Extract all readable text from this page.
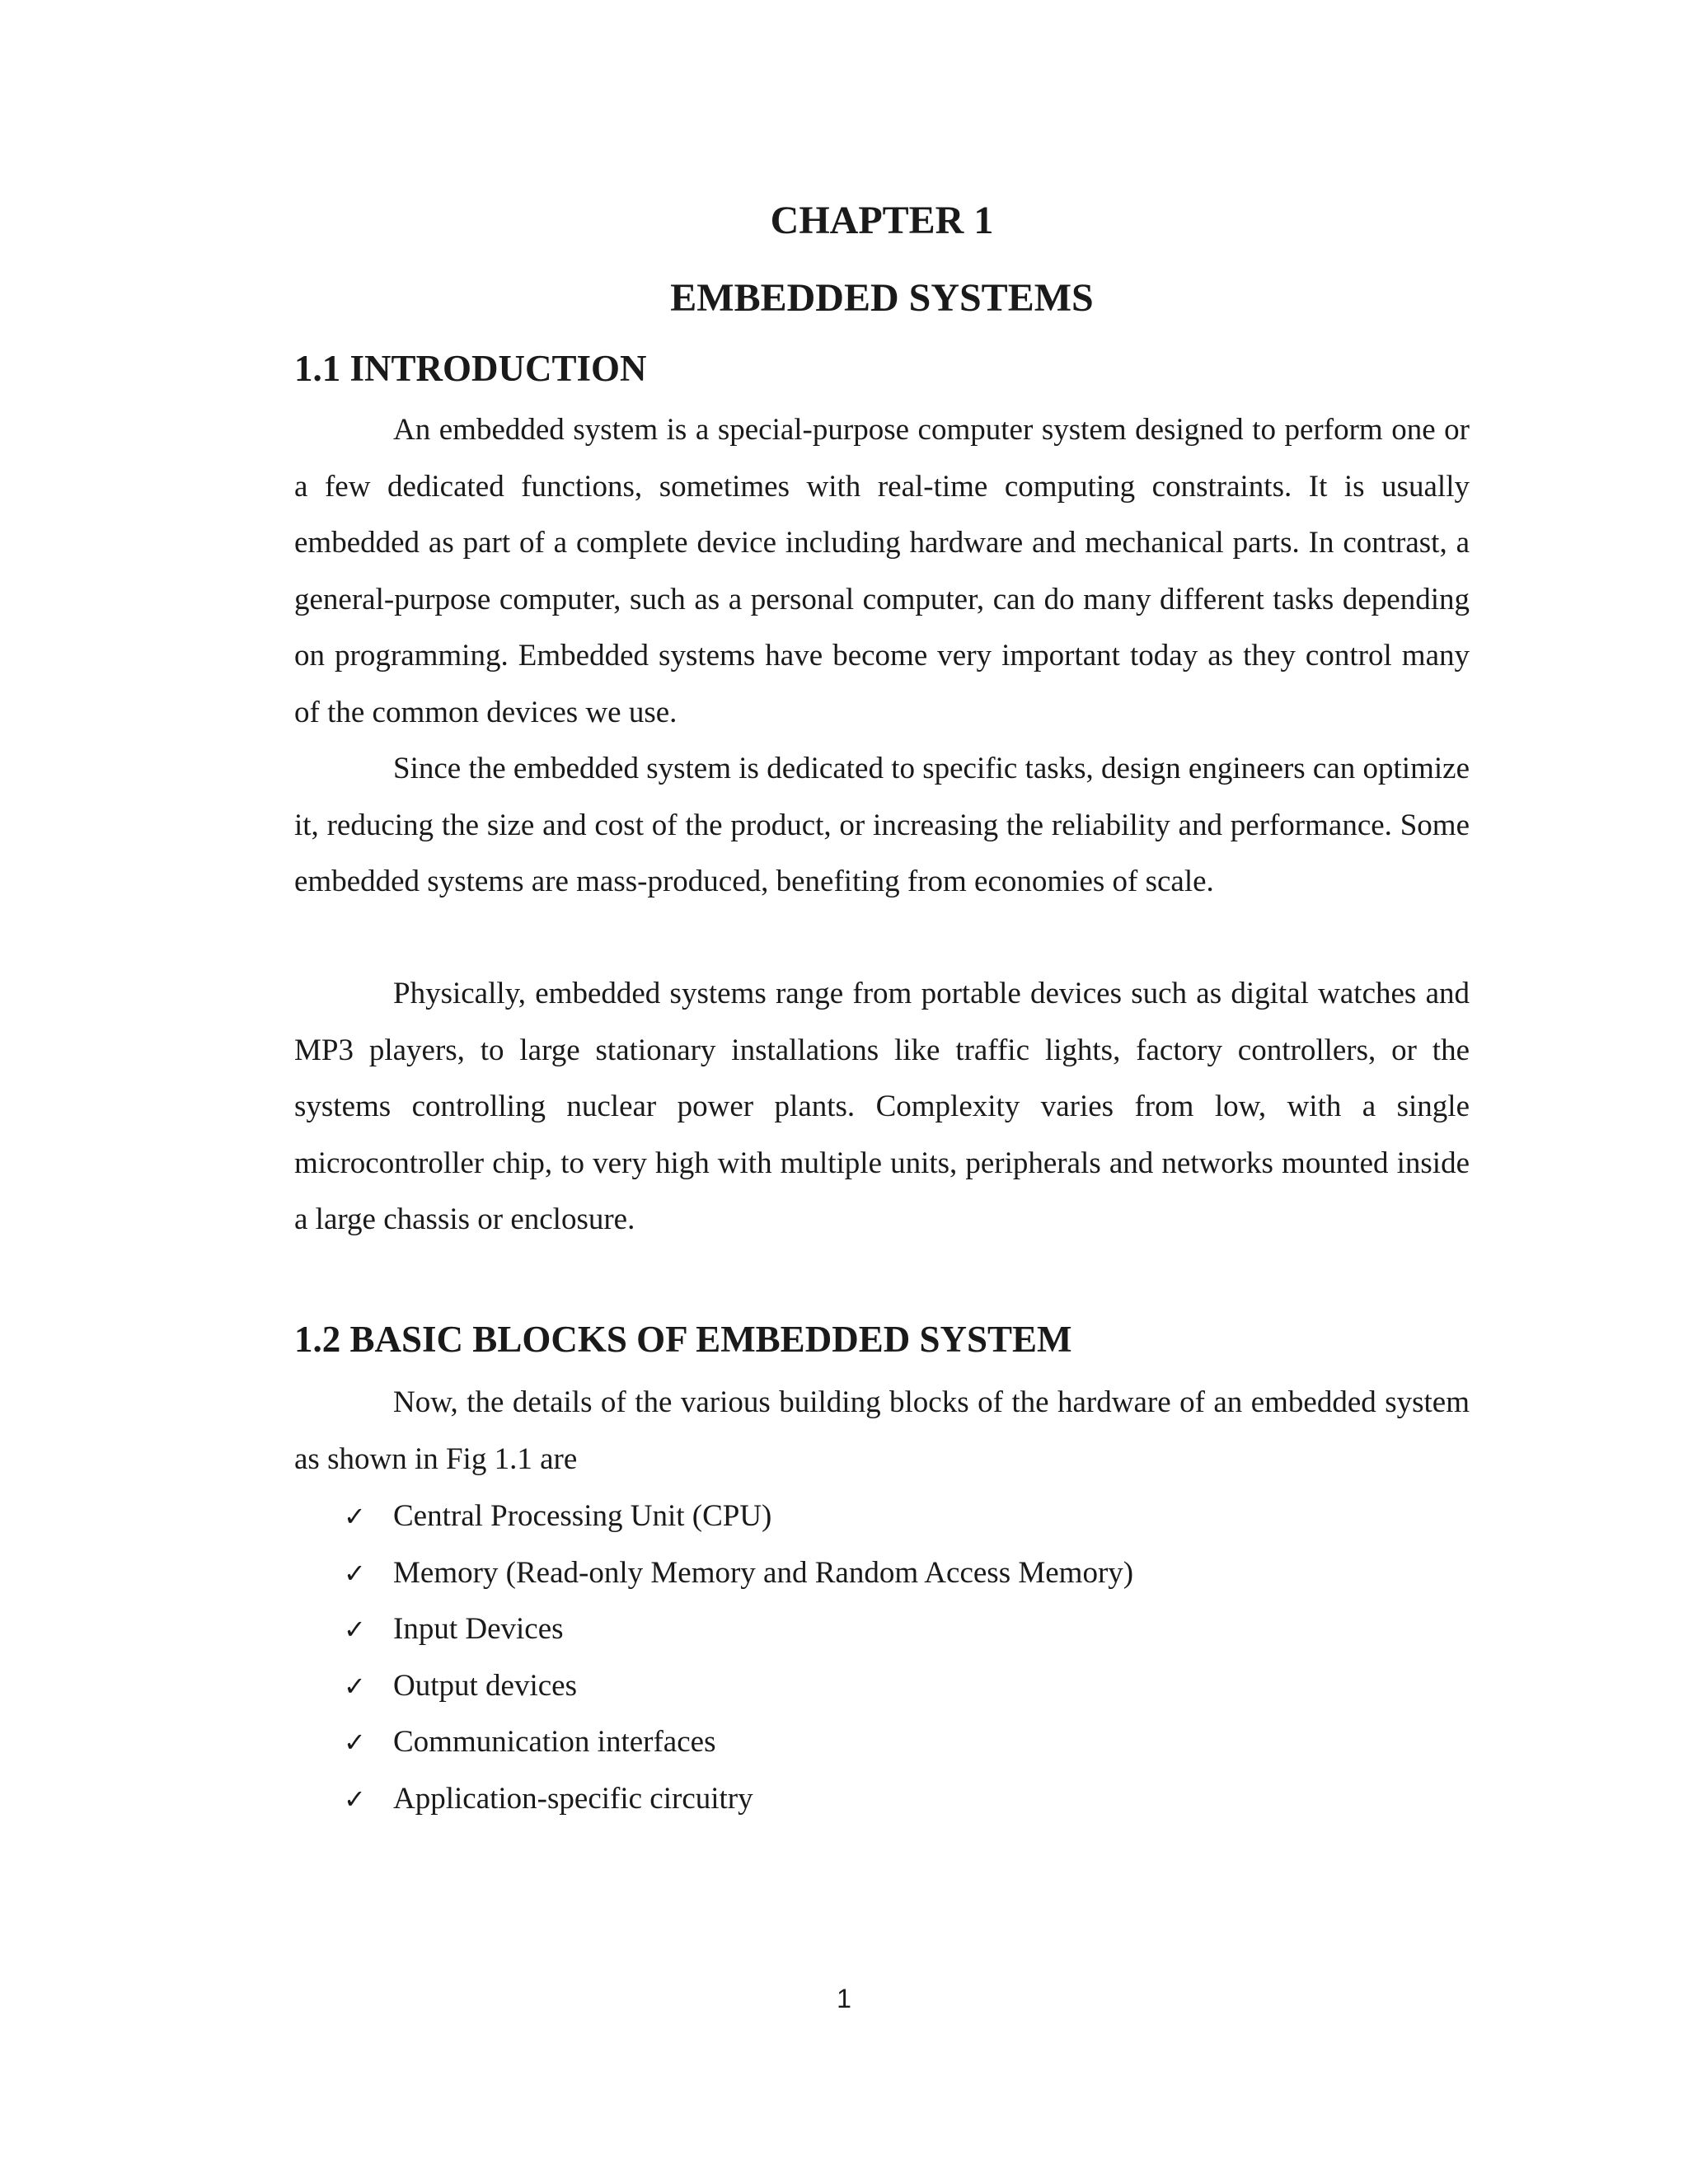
CHAPTER 1
EMBEDDED SYSTEMS
1.1 INTRODUCTION

An embedded system is a special-purpose computer system designed to perform one or a few dedicated functions, sometimes with real-time computing constraints. It is usually embedded as part of a complete device including hardware and mechanical parts. In contrast, a general-purpose computer, such as a personal computer, can do many different tasks depending on programming. Embedded systems have become very important today as they control many of the common devices we use.

Since the embedded system is dedicated to specific tasks, design engineers can optimize it, reducing the size and cost of the product, or increasing the reliability and performance. Some embedded systems are mass-produced, benefiting from economies of scale.

Physically, embedded systems range from portable devices such as digital watches and MP3 players, to large stationary installations like traffic lights, factory controllers, or the systems controlling nuclear power plants. Complexity varies from low, with a single microcontroller chip, to very high with multiple units, peripherals and networks mounted inside a large chassis or enclosure.

1.2 BASIC BLOCKS OF EMBEDDED SYSTEM

Now, the details of the various building blocks of the hardware of an embedded system as shown in Fig 1.1 are

✓ Central Processing Unit (CPU)
✓ Memory (Read-only Memory and Random Access Memory)
✓ Input Devices
✓ Output devices
✓ Communication interfaces
✓ Application-specific circuitry
1
